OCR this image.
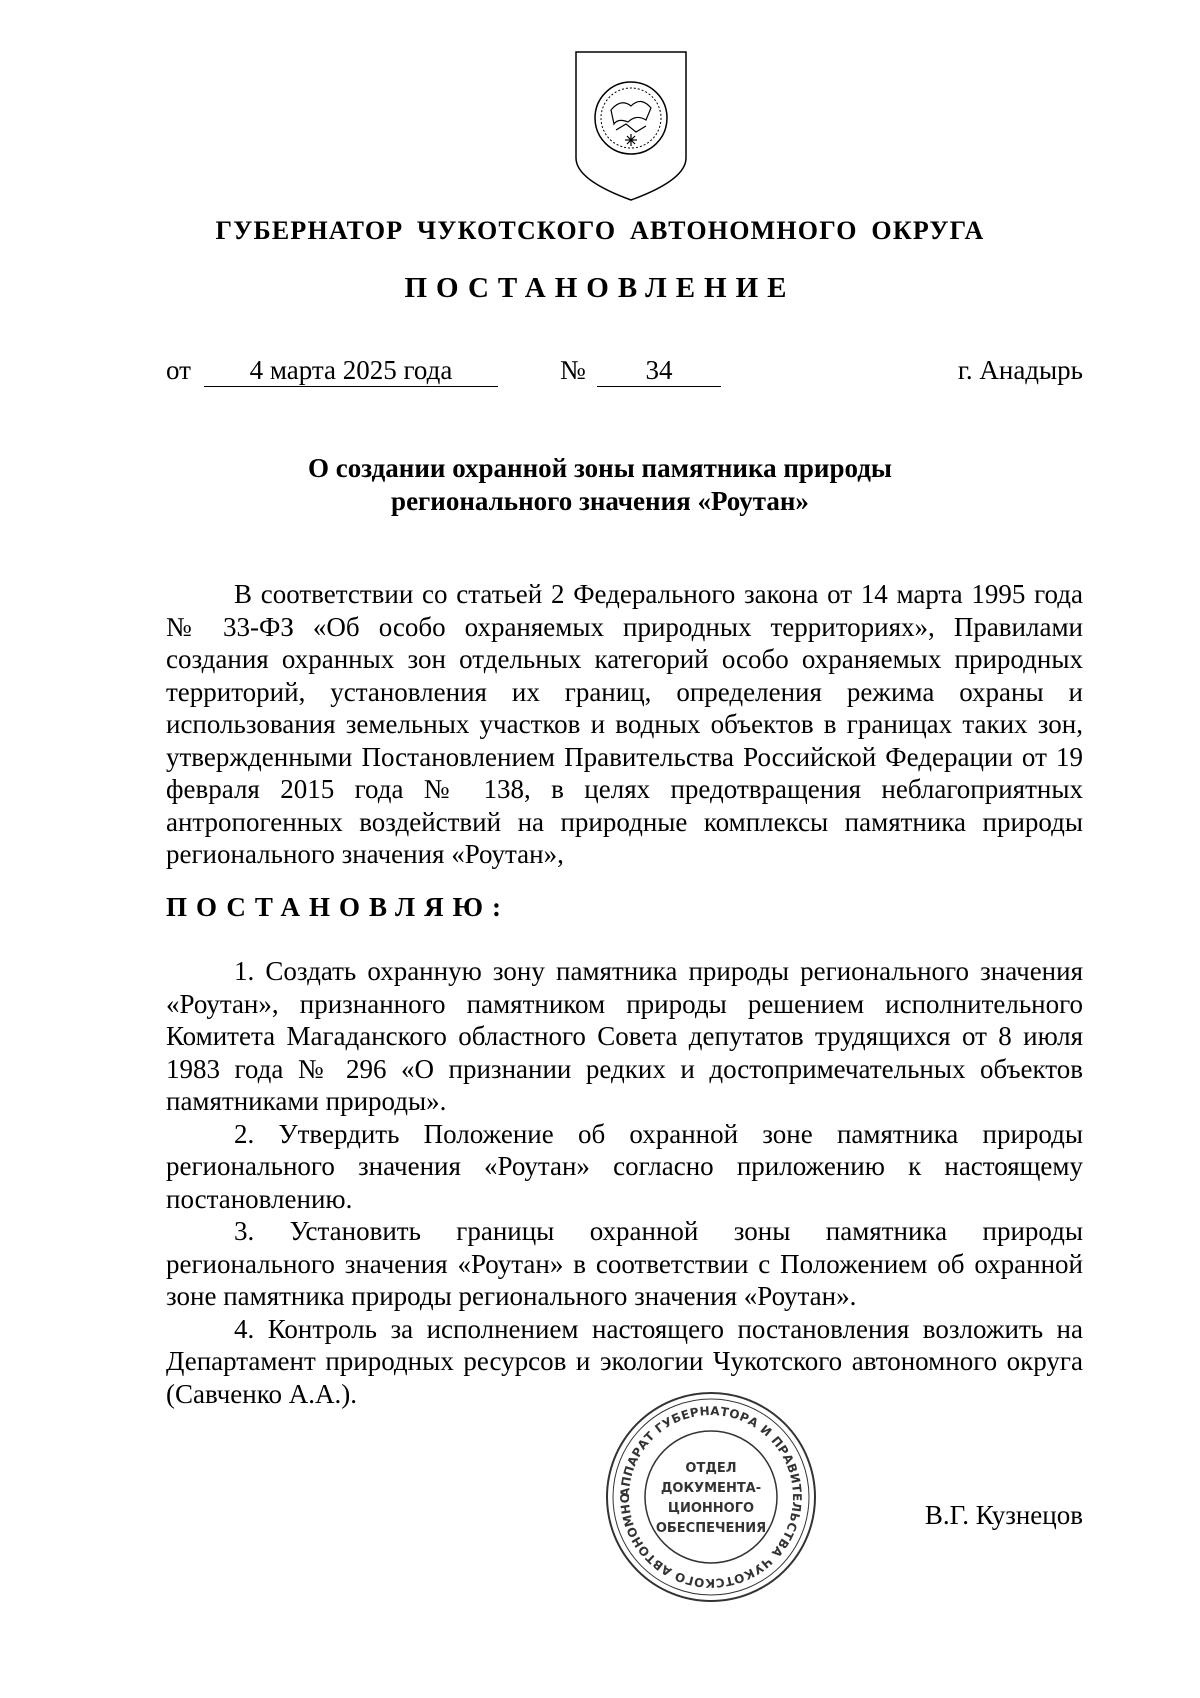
ГУБЕРНАТОР ЧУКОТСКОГО АВТОНОМНОГО ОКРУГА
ПОСТАНОВЛЕНИЕ
от	4 марта 2025 года	№	34	г. Анадырь
О создании охранной зоны памятника природы
регионального значения «Роутан»
В соответствии со статьей 2 Федерального закона от 14 марта 1995 года № 33-ФЗ «Об особо охраняемых природных территориях», Правилами создания охранных зон отдельных категорий особо охраняемых природных территорий, установления их границ, определения режима охраны и использования земельных участков и водных объектов в границах таких зон, утвержденными Постановлением Правительства Российской Федерации от 19 февраля 2015 года № 138, в целях предотвращения неблагоприятных антропогенных воздействий на природные комплексы памятника природы регионального значения «Роутан»,
ПОСТАНОВЛЯЮ:

1. Создать охранную зону памятника природы регионального значения «Роутан», признанного памятником природы решением исполнительного Комитета Магаданского областного Совета депутатов трудящихся от 8 июля 1983 года № 296 «О признании редких и достопримечательных объектов памятниками природы».

2. Утвердить Положение об охранной зоне памятника природы регионального значения «Роутан» согласно приложению к настоящему постановлению.

3. Установить границы охранной зоны памятника природы регионального значения «Роутан» в соответствии с Положением об охранной зоне памятника природы регионального значения «Роутан».

4. Контроль за исполнением настоящего постановления возложить на Департамент природных ресурсов и экологии Чукотского автономного округа (Савченко А.А.).

АППАРАТ ГУБЕРНАТОРА И ПРАВИТЕЛЬСТВА ЧУКОТСКОГО АВТОНОМНО
ОТДЕЛ
ДОКУМЕНТА-
ЦИОННОГО
ОБЕСПЕЧЕНИЯ	В.Г. Кузнецов
